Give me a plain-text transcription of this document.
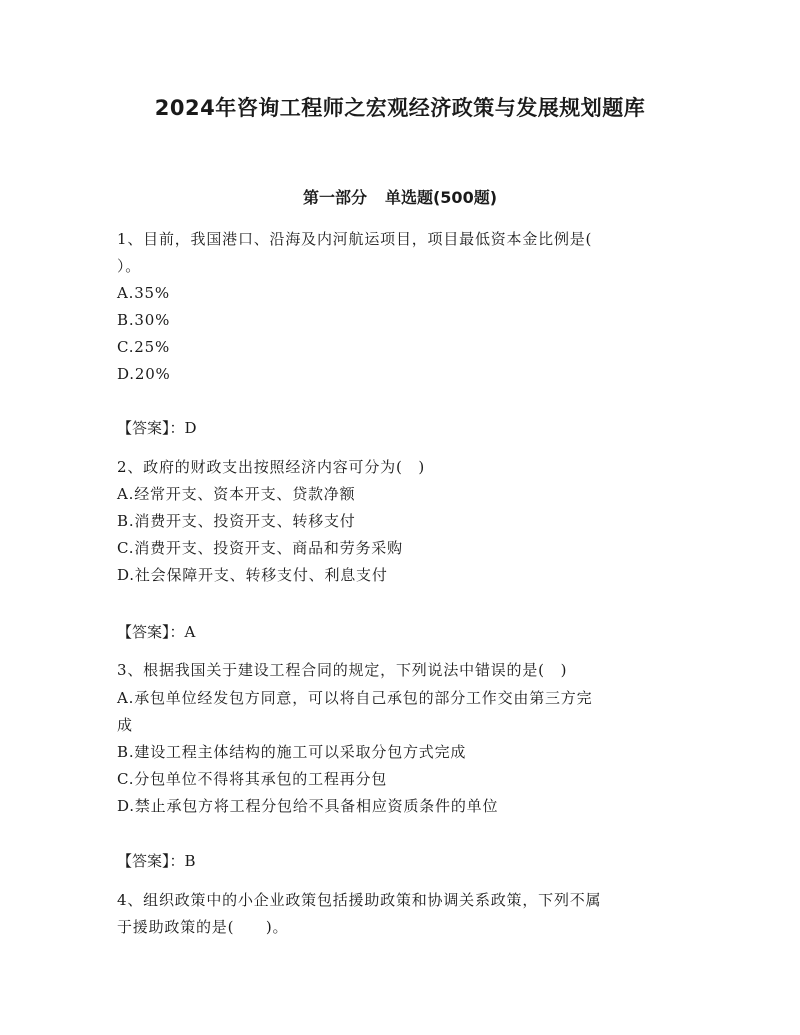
2024年咨询工程师之宏观经济政策与发展规划题库
第一部分 单选题(500题)
1、目前，我国港口、沿海及内河航运项目，项目最低资本金比例是(
）。
A.35%
B.30%
C.25%
D.20%
【答案】：D
2、政府的财政支出按照经济内容可分为(　)
A.经常开支、资本开支、贷款净额
B.消费开支、投资开支、转移支付
C.消费开支、投资开支、商品和劳务采购
D.社会保障开支、转移支付、利息支付
【答案】：A
3、根据我国关于建设工程合同的规定，下列说法中错误的是(　)
A.承包单位经发包方同意，可以将自己承包的部分工作交由第三方完
成
B.建设工程主体结构的施工可以采取分包方式完成
C.分包单位不得将其承包的工程再分包
D.禁止承包方将工程分包给不具备相应资质条件的单位
【答案】：B
4、组织政策中的小企业政策包括援助政策和协调关系政策，下列不属
于援助政策的是(　　)。
